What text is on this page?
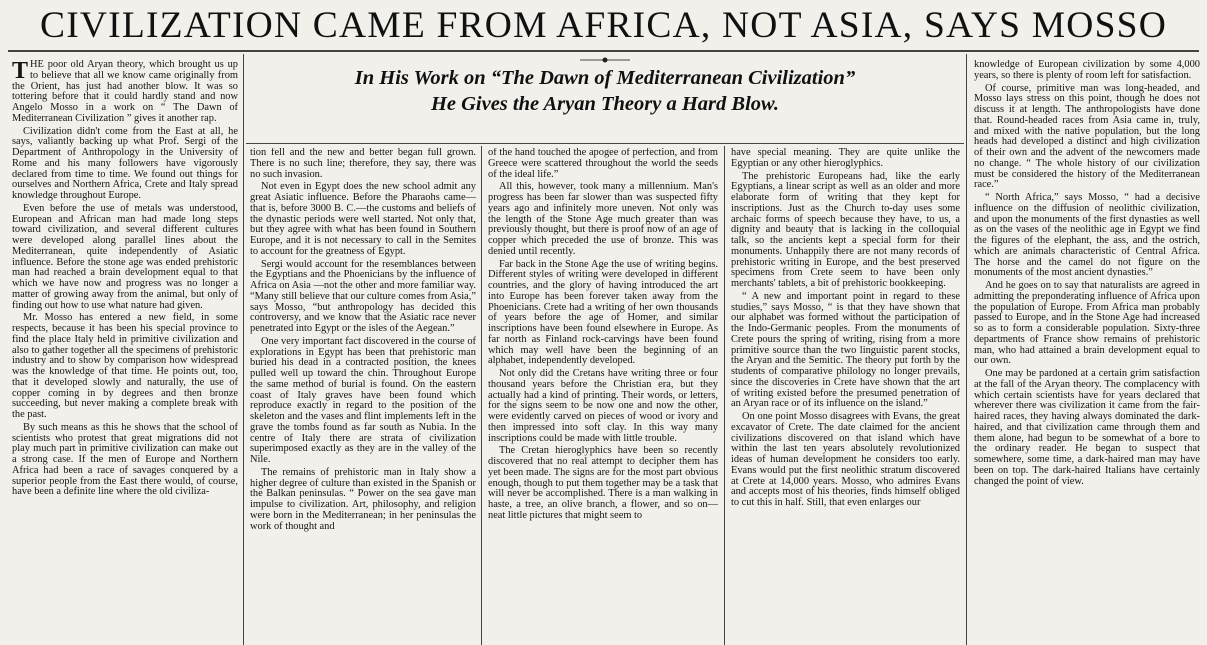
CIVILIZATION CAME FROM AFRICA, NOT ASIA, SAYS MOSSO
In His Work on “The Dawn of Mediterranean Civilization”
He Gives the Aryan Theory a Hard Blow.

THE poor old Aryan theory, which brought us up to believe that all we know came originally from the Orient, has just had another blow. It was so tottering before that it could hardly stand and now Angelo Mosso in a work on “ The Dawn of Mediterranean Civilization ” gives it another rap.

Civilization didn't come from the East at all, he says, valiantly backing up what Prof. Sergi of the Department of Anthropology in the University of Rome and his many followers have vigorously declared from time to time. We found out things for ourselves and Northern Africa, Crete and Italy spread knowledge throughout Europe.

Even before the use of metals was understood, European and African man had made long steps toward civilization, and several different cultures were developed along parallel lines about the Mediterranean, quite independently of Asiatic influence. Before the stone age was ended prehistoric man had reached a brain development equal to that which we have now and progress was no longer a matter of growing away from the animal, but only of finding out how to use what nature had given.

Mr. Mosso has entered a new field, in some respects, because it has been his special province to find the place Italy held in primitive civilization and also to gather together all the specimens of prehistoric industry and to show by comparison how widespread was the knowledge of that time. He points out, too, that it developed slowly and naturally, the use of copper coming in by degrees and then bronze succeeding, but never making a complete break with the past.

By such means as this he shows that the school of scientists who protest that great migrations did not play much part in primitive civilization can make out a strong case. If the men of Europe and Northern Africa had been a race of savages conquered by a superior people from the East there would, of course, have been a definite line where the old civiliza-

tion fell and the new and better began full grown. There is no such line; therefore, they say, there was no such invasion.

Not even in Egypt does the new school admit any great Asiatic influence. Before the Pharaohs came—that is, before 3000 B. C.—the customs and beliefs of the dynastic periods were well started. Not only that, but they agree with what has been found in Southern Europe, and it is not necessary to call in the Semites to account for the greatness of Egypt.

Sergi would account for the resemblances between the Egyptians and the Phoenicians by the influence of Africa on Asia —not the other and more familiar way. “Many still believe that our culture comes from Asia,” says Mosso, “but anthropology has decided this controversy, and we know that the Asiatic race never penetrated into Egypt or the isles of the Aegean.”

One very important fact discovered in the course of explorations in Egypt has been that prehistoric man buried his dead in a contracted position, the knees pulled well up toward the chin. Throughout Europe the same method of burial is found. On the eastern coast of Italy graves have been found which reproduce exactly in regard to the position of the skeleton and the vases and flint implements left in the grave the tombs found as far south as Nubia. In the centre of Italy there are strata of civilization superimposed exactly as they are in the valley of the Nile.

The remains of prehistoric man in Italy show a higher degree of culture than existed in the Spanish or the Balkan peninsulas. “ Power on the sea gave man impulse to civilization. Art, philosophy, and religion were born in the Mediterranean; in her peninsulas the work of thought and

of the hand touched the apogee of perfection, and from Greece were scattered throughout the world the seeds of the ideal life.”

All this, however, took many a millennium. Man's progress has been far slower than was suspected fifty years ago and infinitely more uneven. Not only was the length of the Stone Age much greater than was previously thought, but there is proof now of an age of copper which preceded the use of bronze. This was denied until recently.

Far back in the Stone Age the use of writing begins. Different styles of writing were developed in different countries, and the glory of having introduced the art into Europe has been forever taken away from the Phoenicians. Crete had a writing of her own thousands of years before the age of Homer, and similar inscriptions have been found elsewhere in Europe. As far north as Finland rock-carvings have been found which may well have been the beginning of an alphabet, independently developed.

Not only did the Cretans have writing three or four thousand years before the Christian era, but they actually had a kind of printing. Their words, or letters, for the signs seem to be now one and now the other, were evidently carved on pieces of wood or ivory and then impressed into soft clay. In this way many inscriptions could be made with little trouble.

The Cretan hieroglyphics have been so recently discovered that no real attempt to decipher them has yet been made. The signs are for the most part obvious enough, though to put them together may be a task that will never be accomplished. There is a man walking in haste, a tree, an olive branch, a flower, and so on—neat little pictures that might seem to

have special meaning. They are quite unlike the Egyptian or any other hieroglyphics.

The prehistoric Europeans had, like the early Egyptians, a linear script as well as an older and more elaborate form of writing that they kept for inscriptions. Just as the Church to-day uses some archaic forms of speech because they have, to us, a dignity and beauty that is lacking in the colloquial talk, so the ancients kept a special form for their monuments. Unhappily there are not many records of prehistoric writing in Europe, and the best preserved specimens from Crete seem to have been only merchants' tablets, a bit of prehistoric bookkeeping.

“ A new and important point in regard to these studies,” says Mosso, “ is that they have shown that our alphabet was formed without the participation of the Indo-Germanic peoples. From the monuments of Crete pours the spring of writing, rising from a more primitive source than the two linguistic parent stocks, the Aryan and the Semitic. The theory put forth by the students of comparative philology no longer prevails, since the discoveries in Crete have shown that the art of writing existed before the presumed penetration of an Aryan race or of its influence on the island.”

On one point Mosso disagrees with Evans, the great excavator of Crete. The date claimed for the ancient civilizations discovered on that island which have within the last ten years absolutely revolutionized ideas of human development he considers too early. Evans would put the first neolithic stratum discovered at Crete at 14,000 years. Mosso, who admires Evans and accepts most of his theories, finds himself obliged to cut this in half. Still, that even enlarges our

knowledge of European civilization by some 4,000 years, so there is plenty of room left for satisfaction.

Of course, primitive man was long-headed, and Mosso lays stress on this point, though he does not discuss it at length. The anthropologists have done that. Round-headed races from Asia came in, truly, and mixed with the native population, but the long heads had developed a distinct and high civilization of their own and the advent of the newcomers made no change. “ The whole history of our civilization must be considered the history of the Mediterranean race.”

“ North Africa,” says Mosso, “ had a decisive influence on the diffusion of neolithic civilization, and upon the monuments of the first dynasties as well as on the vases of the neolithic age in Egypt we find the figures of the elephant, the ass, and the ostrich, which are animals characteristic of Central Africa. The horse and the camel do not figure on the monuments of the most ancient dynasties.”

And he goes on to say that naturalists are agreed in admitting the preponderating influence of Africa upon the population of Europe. From Africa man probably passed to Europe, and in the Stone Age had increased so as to form a considerable population. Sixty-three departments of France show remains of prehistoric man, who had attained a brain development equal to our own.

One may be pardoned at a certain grim satisfaction at the fall of the Aryan theory. The complacency with which certain scientists have for years declared that wherever there was civilization it came from the fair-haired races, they having always dominated the dark-haired, and that civilization came through them and them alone, had begun to be somewhat of a bore to the ordinary reader. He began to suspect that somewhere, some time, a dark-haired man may have been on top. The dark-haired Italians have certainly changed the point of view.
